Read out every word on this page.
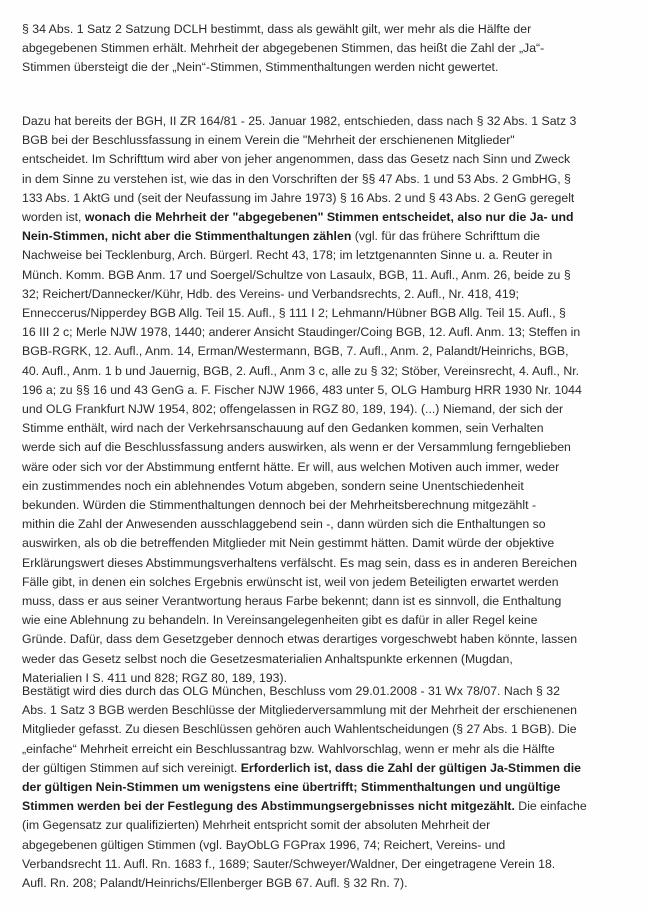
§ 34 Abs. 1 Satz 2 Satzung DCLH bestimmt, dass als gewählt gilt, wer mehr als die Hälfte der
abgegebenen Stimmen erhält. Mehrheit der abgegebenen Stimmen, das heißt die Zahl der „Ja“-
Stimmen übersteigt die der „Nein“-Stimmen, Stimmenthaltungen werden nicht gewertet.
Dazu hat bereits der BGH, II ZR 164/81 - 25. Januar 1982, entschieden, dass nach § 32 Abs. 1 Satz 3
BGB bei der Beschlussfassung in einem Verein die "Mehrheit der erschienenen Mitglieder"
entscheidet. Im Schrifttum wird aber von jeher angenommen, dass das Gesetz nach Sinn und Zweck
in dem Sinne zu verstehen ist, wie das in den Vorschriften der §§ 47 Abs. 1 und 53 Abs. 2 GmbHG, §
133 Abs. 1 AktG und (seit der Neufassung im Jahre 1973) § 16 Abs. 2 und § 43 Abs. 2 GenG geregelt
worden ist, wonach die Mehrheit der "abgegebenen" Stimmen entscheidet, also nur die Ja- und
Nein-Stimmen, nicht aber die Stimmenthaltungen zählen (vgl. für das frühere Schrifttum die
Nachweise bei Tecklenburg, Arch. Bürgerl. Recht 43, 178; im letztgenannten Sinne u. a. Reuter in
Münch. Komm. BGB Anm. 17 und Soergel/Schultze von Lasaulx, BGB, 11. Aufl., Anm. 26, beide zu §
32; Reichert/Dannecker/Kühr, Hdb. des Vereins- und Verbandsrechts, 2. Aufl., Nr. 418, 419;
Enneccerus/Nipperdey BGB Allg. Teil 15. Aufl., § 111 I 2; Lehmann/Hübner BGB Allg. Teil 15. Aufl., §
16 III 2 c; Merle NJW 1978, 1440; anderer Ansicht Staudinger/Coing BGB, 12. Aufl. Anm. 13; Steffen in
BGB-RGRK, 12. Aufl., Anm. 14, Erman/Westermann, BGB, 7. Aufl., Anm. 2, Palandt/Heinrichs, BGB,
40. Aufl., Anm. 1 b und Jauernig, BGB, 2. Aufl., Anm 3 c, alle zu § 32; Stöber, Vereinsrecht, 4. Aufl., Nr.
196 a; zu §§ 16 und 43 GenG a. F. Fischer NJW 1966, 483 unter 5, OLG Hamburg HRR 1930 Nr. 1044
und OLG Frankfurt NJW 1954, 802; offengelassen in RGZ 80, 189, 194). (...) Niemand, der sich der
Stimme enthält, wird nach der Verkehrsanschauung auf den Gedanken kommen, sein Verhalten
werde sich auf die Beschlussfassung anders auswirken, als wenn er der Versammlung ferngeblieben
wäre oder sich vor der Abstimmung entfernt hätte. Er will, aus welchen Motiven auch immer, weder
ein zustimmendes noch ein ablehnendes Votum abgeben, sondern seine Unentschiedenheit
bekunden. Würden die Stimmenthaltungen dennoch bei der Mehrheitsberechnung mitgezählt -
mithin die Zahl der Anwesenden ausschlaggebend sein -, dann würden sich die Enthaltungen so
auswirken, als ob die betreffenden Mitglieder mit Nein gestimmt hätten. Damit würde der objektive
Erklärungswert dieses Abstimmungsverhaltens verfälscht. Es mag sein, dass es in anderen Bereichen
Fälle gibt, in denen ein solches Ergebnis erwünscht ist, weil von jedem Beteiligten erwartet werden
muss, dass er aus seiner Verantwortung heraus Farbe bekennt; dann ist es sinnvoll, die Enthaltung
wie eine Ablehnung zu behandeln. In Vereinsangelegenheiten gibt es dafür in aller Regel keine
Gründe. Dafür, dass dem Gesetzgeber dennoch etwas derartiges vorgeschwebt haben könnte, lassen
weder das Gesetz selbst noch die Gesetzesmaterialien Anhaltspunkte erkennen (Mugdan,
Materialien I S. 411 und 828; RGZ 80, 189, 193).
Bestätigt wird dies durch das OLG München, Beschluss vom 29.01.2008 - 31 Wx 78/07. Nach § 32
Abs. 1 Satz 3 BGB werden Beschlüsse der Mitgliederversammlung mit der Mehrheit der erschienenen
Mitglieder gefasst. Zu diesen Beschlüssen gehören auch Wahlentscheidungen (§ 27 Abs. 1 BGB). Die
„einfache“ Mehrheit erreicht ein Beschlussantrag bzw. Wahlvorschlag, wenn er mehr als die Hälfte
der gültigen Stimmen auf sich vereinigt. Erforderlich ist, dass die Zahl der gültigen Ja-Stimmen die
der gültigen Nein-Stimmen um wenigstens eine übertrifft; Stimmenthaltungen und ungültige
Stimmen werden bei der Festlegung des Abstimmungsergebnisses nicht mitgezählt. Die einfache
(im Gegensatz zur qualifizierten) Mehrheit entspricht somit der absoluten Mehrheit der
abgegebenen gültigen Stimmen (vgl. BayObLG FGPrax 1996, 74; Reichert, Vereins- und
Verbandsrecht 11. Aufl. Rn. 1683 f., 1689; Sauter/Schweyer/Waldner, Der eingetragene Verein 18.
Aufl. Rn. 208; Palandt/Heinrichs/Ellenberger BGB 67. Aufl. § 32 Rn. 7).
